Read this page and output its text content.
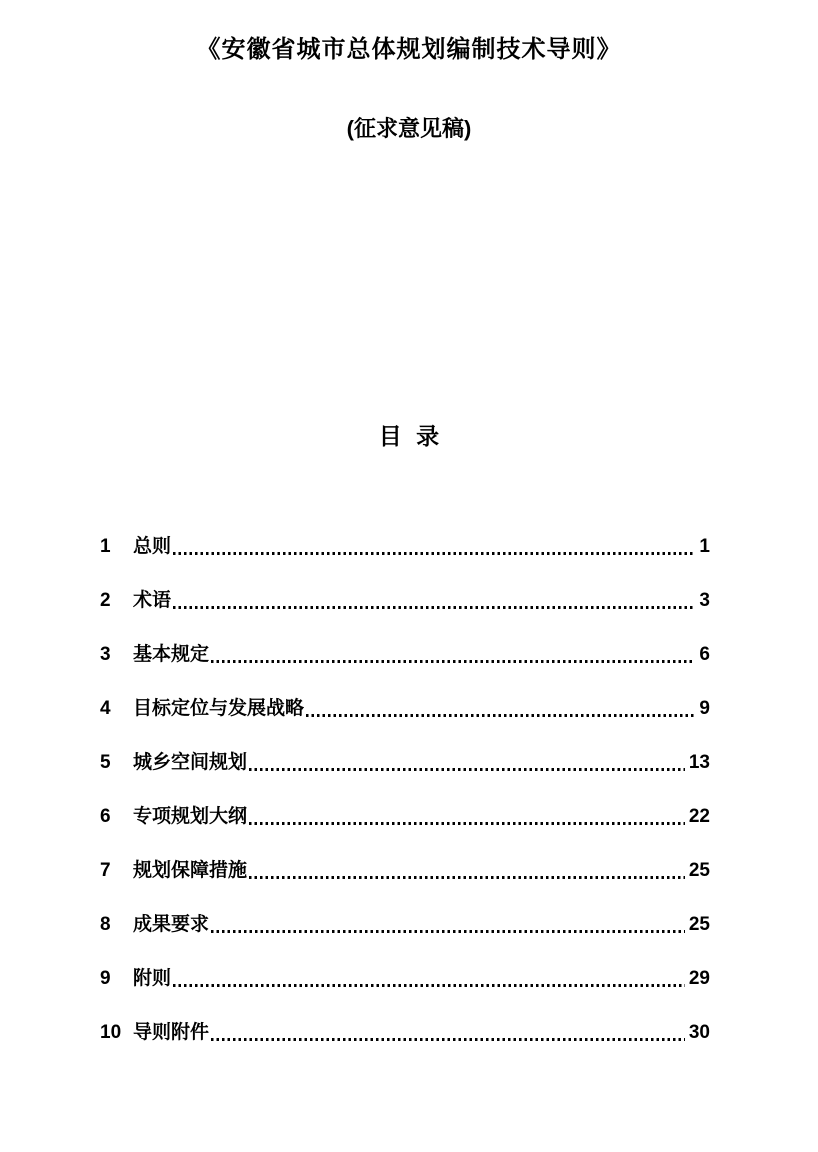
《安徽省城市总体规划编制技术导则》
(征求意见稿)
目 录
1	总则	1
2	术语	3
3	基本规定	6
4	目标定位与发展战略	9
5	城乡空间规划	13
6	专项规划大纲	22
7	规划保障措施	25
8	成果要求	25
9	附则	29
10 导则附件	30
